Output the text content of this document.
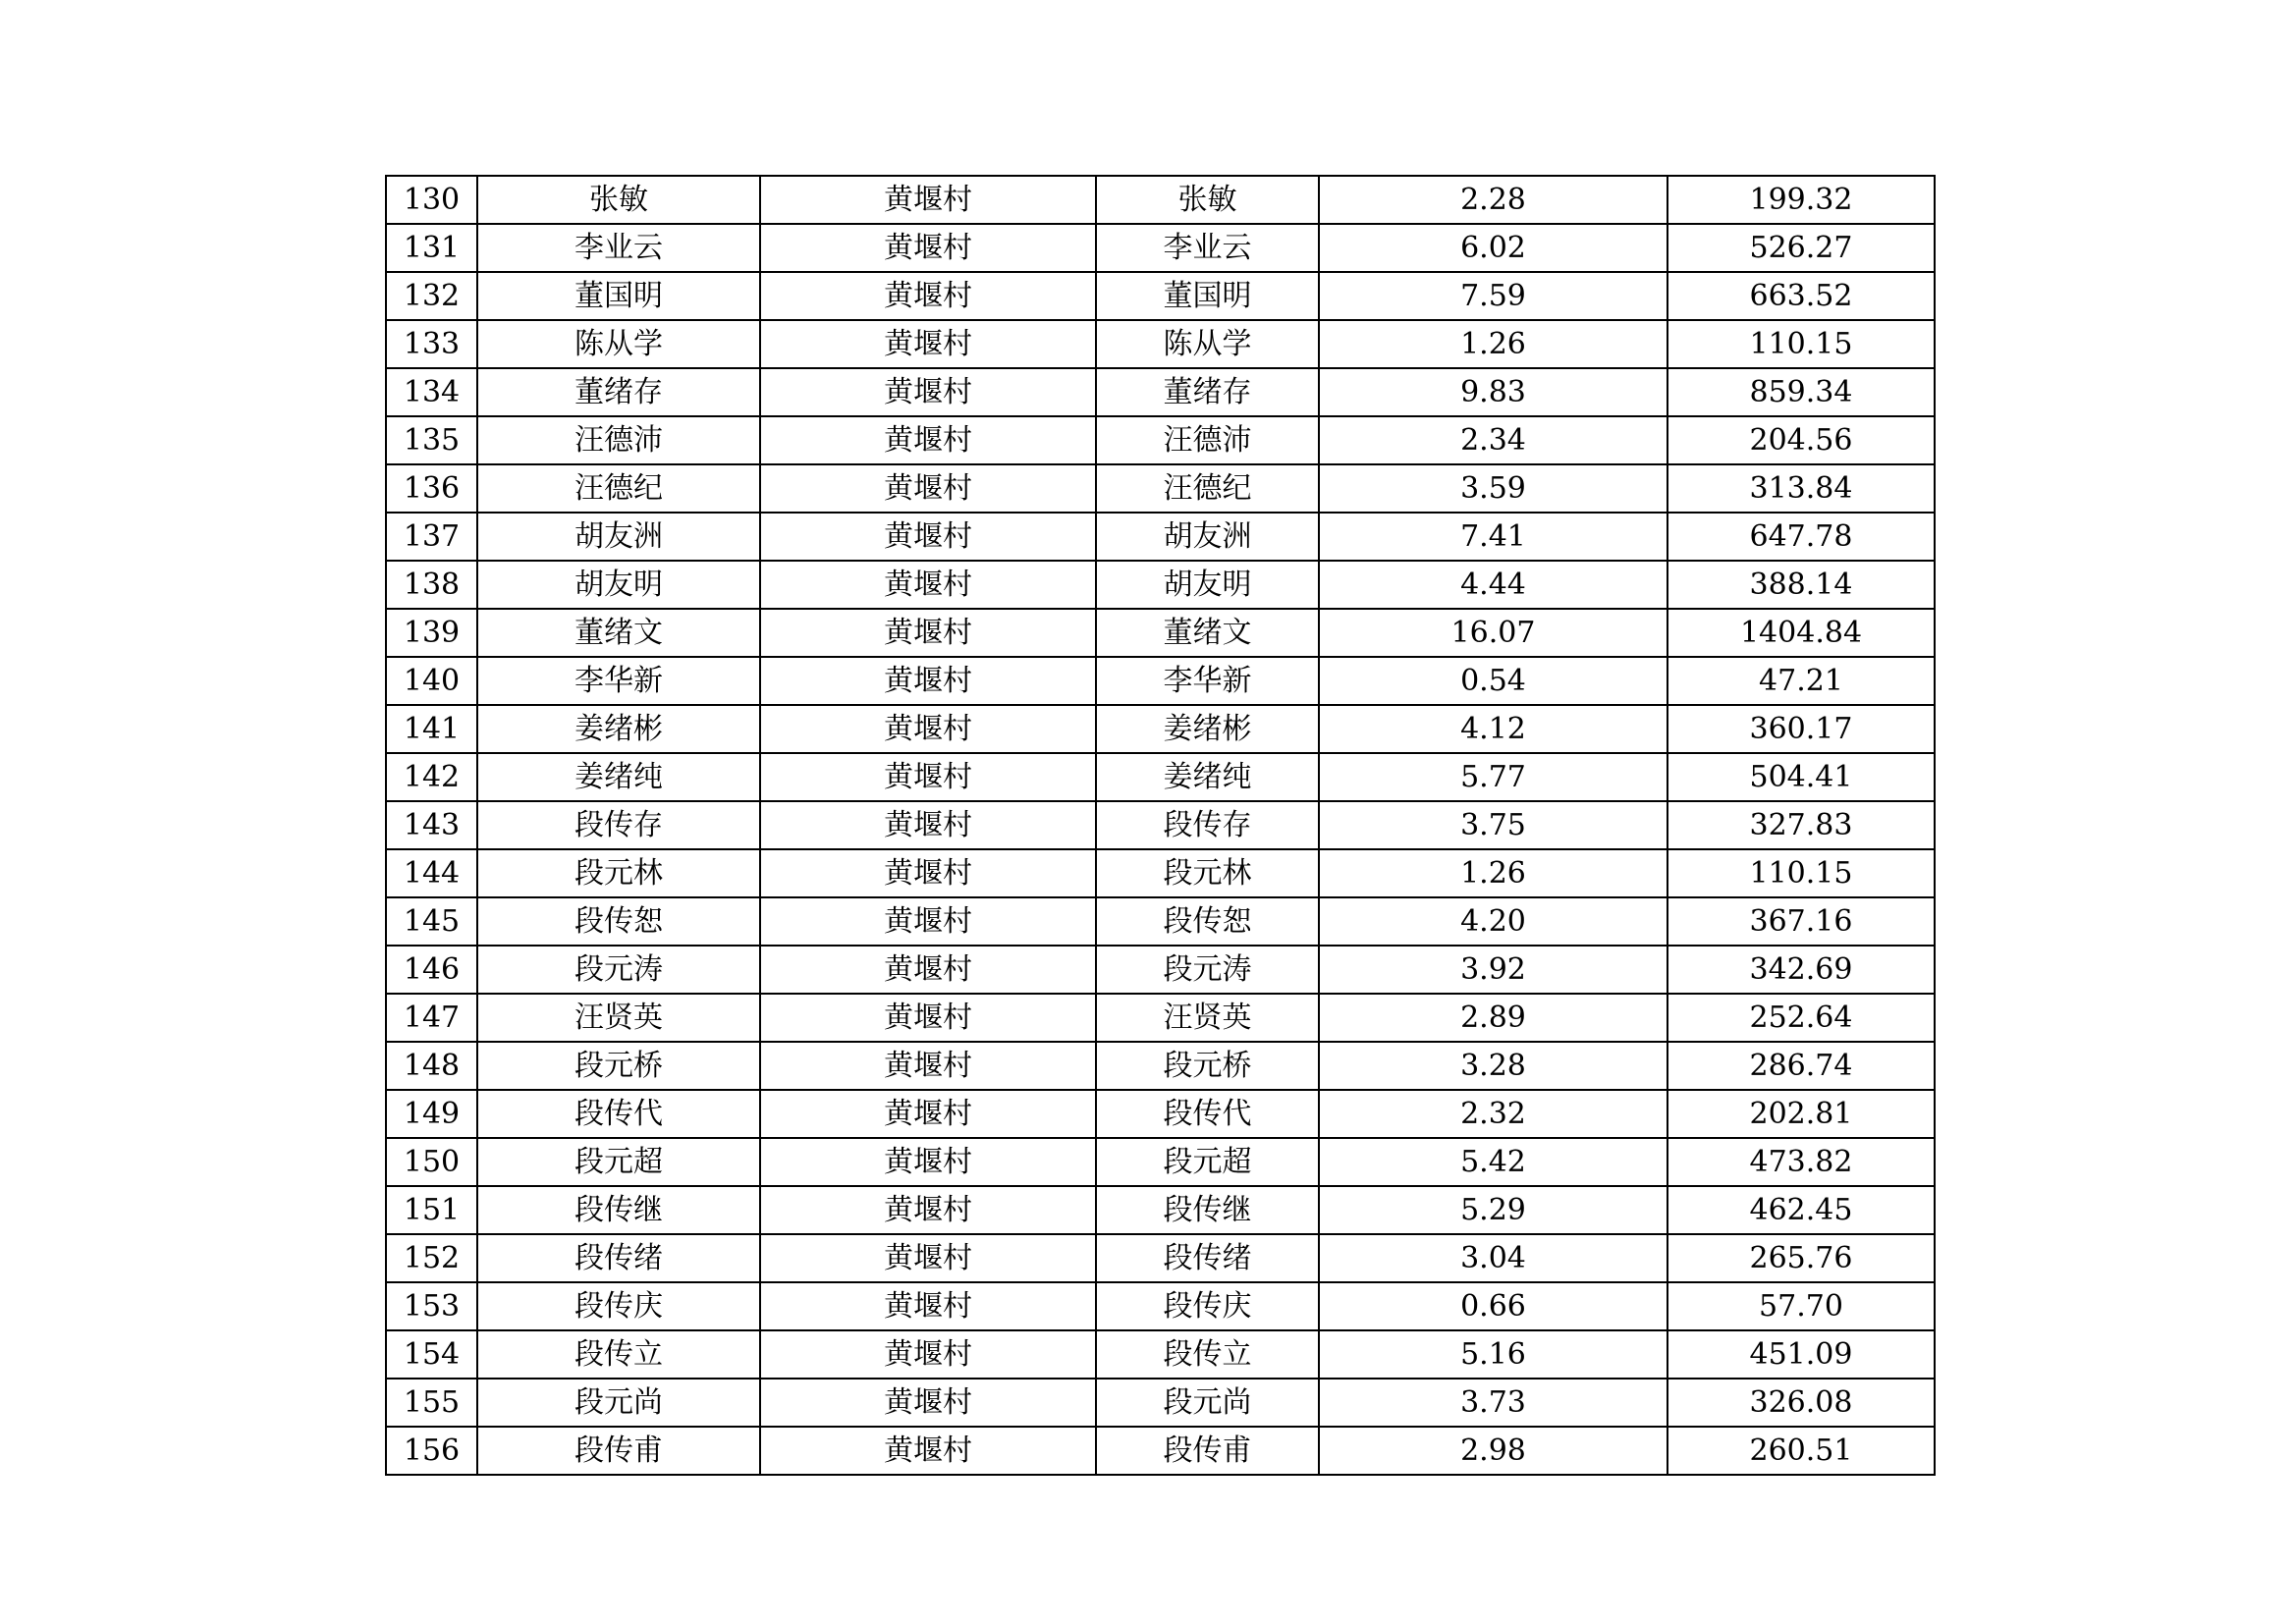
130	张敏	黄堰村	张敏	2.28	199.32
131	李业云	黄堰村	李业云	6.02	526.27
132	董国明	黄堰村	董国明	7.59	663.52
133	陈从学	黄堰村	陈从学	1.26	110.15
134	董绪存	黄堰村	董绪存	9.83	859.34
135	汪德沛	黄堰村	汪德沛	2.34	204.56
136	汪德纪	黄堰村	汪德纪	3.59	313.84
137	胡友洲	黄堰村	胡友洲	7.41	647.78
138	胡友明	黄堰村	胡友明	4.44	388.14
139	董绪文	黄堰村	董绪文	16.07	1404.84
140	李华新	黄堰村	李华新	0.54	47.21
141	姜绪彬	黄堰村	姜绪彬	4.12	360.17
142	姜绪纯	黄堰村	姜绪纯	5.77	504.41
143	段传存	黄堰村	段传存	3.75	327.83
144	段元林	黄堰村	段元林	1.26	110.15
145	段传恕	黄堰村	段传恕	4.20	367.16
146	段元涛	黄堰村	段元涛	3.92	342.69
147	汪贤英	黄堰村	汪贤英	2.89	252.64
148	段元桥	黄堰村	段元桥	3.28	286.74
149	段传代	黄堰村	段传代	2.32	202.81
150	段元超	黄堰村	段元超	5.42	473.82
151	段传继	黄堰村	段传继	5.29	462.45
152	段传绪	黄堰村	段传绪	3.04	265.76
153	段传庆	黄堰村	段传庆	0.66	57.70
154	段传立	黄堰村	段传立	5.16	451.09
155	段元尚	黄堰村	段元尚	3.73	326.08
156	段传甫	黄堰村	段传甫	2.98	260.51
